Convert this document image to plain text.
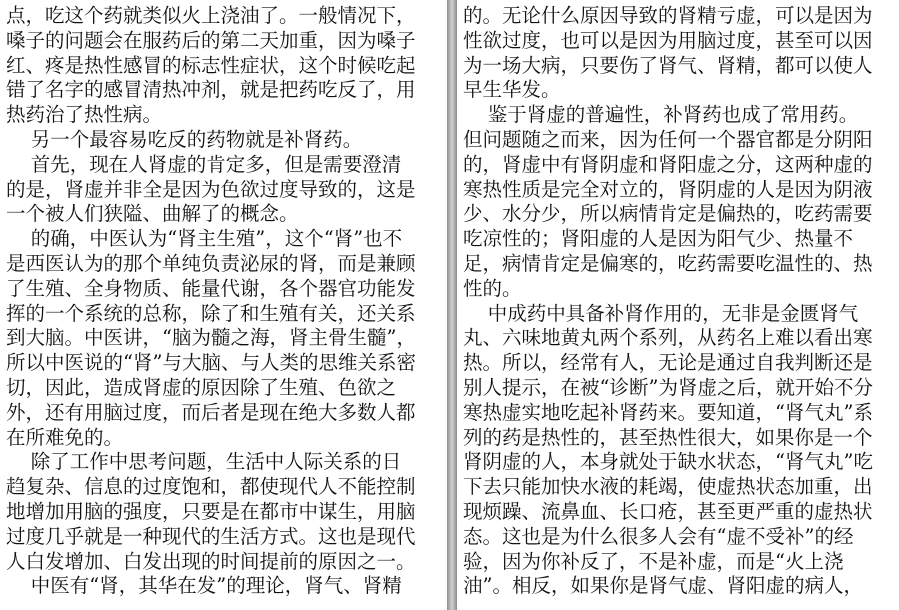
点，吃这个药就类似火上浇油了。一般情况下，
嗓子的问题会在服药后的第二天加重，因为嗓子
红、疼是热性感冒的标志性症状，这个时候吃起
错了名字的感冒清热冲剂，就是把药吃反了，用
热药治了热性病。
另一个最容易吃反的药物就是补肾药。
首先，现在人肾虚的肯定多，但是需要澄清
的是，肾虚并非全是因为色欲过度导致的，这是
一个被人们狭隘、曲解了的概念。
的确，中医认为“肾主生殖”，这个“肾”也不
是西医认为的那个单纯负责泌尿的肾，而是兼顾
了生殖、全身物质、能量代谢，各个器官功能发
挥的一个系统的总称，除了和生殖有关，还关系
到大脑。中医讲，“脑为髓之海，肾主骨生髓”，
所以中医说的“肾”与大脑、与人类的思维关系密
切，因此，造成肾虚的原因除了生殖、色欲之
外，还有用脑过度，而后者是现在绝大多数人都
在所难免的。
除了工作中思考问题，生活中人际关系的日
趋复杂、信息的过度饱和，都使现代人不能控制
地增加用脑的强度，只要是在都市中谋生，用脑
过度几乎就是一种现代的生活方式。这也是现代
人白发增加、白发出现的时间提前的原因之一。
中医有“肾，其华在发”的理论，肾气、肾精
的。无论什么原因导致的肾精亏虚，可以是因为
性欲过度，也可以是因为用脑过度，甚至可以因
为一场大病，只要伤了肾气、肾精，都可以使人
早生华发。
鉴于肾虚的普遍性，补肾药也成了常用药。
但问题随之而来，因为任何一个器官都是分阴阳
的，肾虚中有肾阴虚和肾阳虚之分，这两种虚的
寒热性质是完全对立的，肾阴虚的人是因为阴液
少、水分少，所以病情肯定是偏热的，吃药需要
吃凉性的；肾阳虚的人是因为阳气少、热量不
足，病情肯定是偏寒的，吃药需要吃温性的、热
性的。
中成药中具备补肾作用的，无非是金匮肾气
丸、六味地黄丸两个系列，从药名上难以看出寒
热。所以，经常有人，无论是通过自我判断还是
别人提示，在被“诊断”为肾虚之后，就开始不分
寒热虚实地吃起补肾药来。要知道，“肾气丸”系
列的药是热性的，甚至热性很大，如果你是一个
肾阴虚的人，本身就处于缺水状态，“肾气丸”吃
下去只能加快水液的耗竭，使虚热状态加重，出
现烦躁、流鼻血、长口疮，甚至更严重的虚热状
态。这也是为什么很多人会有“虚不受补”的经
验，因为你补反了，不是补虚，而是“火上浇
油”。相反，如果你是肾气虚、肾阳虚的病人，
